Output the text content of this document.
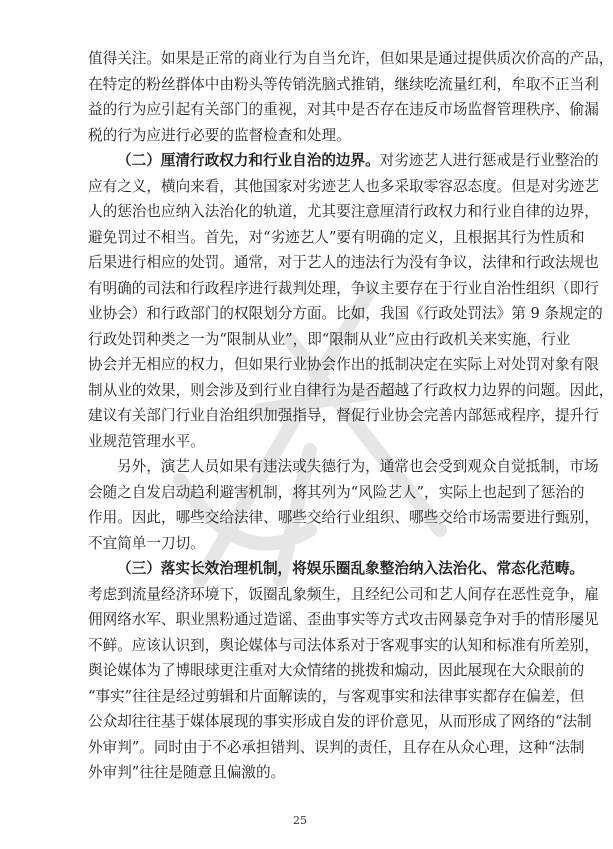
值得关注。如果是正常的商业行为自当允许，但如果是通过提供质次价高的产品，
在特定的粉丝群体中由粉头等传销洗脑式推销，继续吃流量红利，牟取不正当利
益的行为应引起有关部门的重视，对其中是否存在违反市场监督管理秩序、偷漏
税的行为应进行必要的监督检查和处理。
（二）厘清行政权力和行业自治的边界。对劣迹艺人进行惩戒是行业整治的
应有之义，横向来看，其他国家对劣迹艺人也多采取零容忍态度。但是对劣迹艺
人的惩治也应纳入法治化的轨道，尤其要注意厘清行政权力和行业自律的边界，
避免罚过不相当。首先，对“劣迹艺人”要有明确的定义，且根据其行为性质和
后果进行相应的处罚。通常，对于艺人的违法行为没有争议，法律和行政法规也
有明确的司法和行政程序进行裁判处理，争议主要存在于行业自治性组织（即行
业协会）和行政部门的权限划分方面。比如，我国《行政处罚法》第 9 条规定的
行政处罚种类之一为“限制从业”，即“限制从业”应由行政机关来实施，行业
协会并无相应的权力，但如果行业协会作出的抵制决定在实际上对处罚对象有限
制从业的效果，则会涉及到行业自律行为是否超越了行政权力边界的问题。因此，
建议有关部门行业自治组织加强指导，督促行业协会完善内部惩戒程序，提升行
业规范管理水平。
另外，演艺人员如果有违法或失德行为，通常也会受到观众自觉抵制，市场
会随之自发启动趋利避害机制，将其列为“风险艺人”，实际上也起到了惩治的
作用。因此，哪些交给法律、哪些交给行业组织、哪些交给市场需要进行甄别，
不宜简单一刀切。
（三）落实长效治理机制，将娱乐圈乱象整治纳入法治化、常态化范畴。
考虑到流量经济环境下，饭圈乱象频生，且经纪公司和艺人间存在恶性竞争，雇
佣网络水军、职业黑粉通过造谣、歪曲事实等方式攻击网暴竞争对手的情形屡见
不鲜。应该认识到，舆论媒体与司法体系对于客观事实的认知和标准有所差别，
舆论媒体为了博眼球更注重对大众情绪的挑拨和煽动，因此展现在大众眼前的
“事实”往往是经过剪辑和片面解读的，与客观事实和法律事实都存在偏差，但
公众却往往基于媒体展现的事实形成自发的评价意见，从而形成了网络的“法制
外审判”。同时由于不必承担错判、误判的责任，且存在从众心理，这种“法制
外审判”往往是随意且偏激的。
25
